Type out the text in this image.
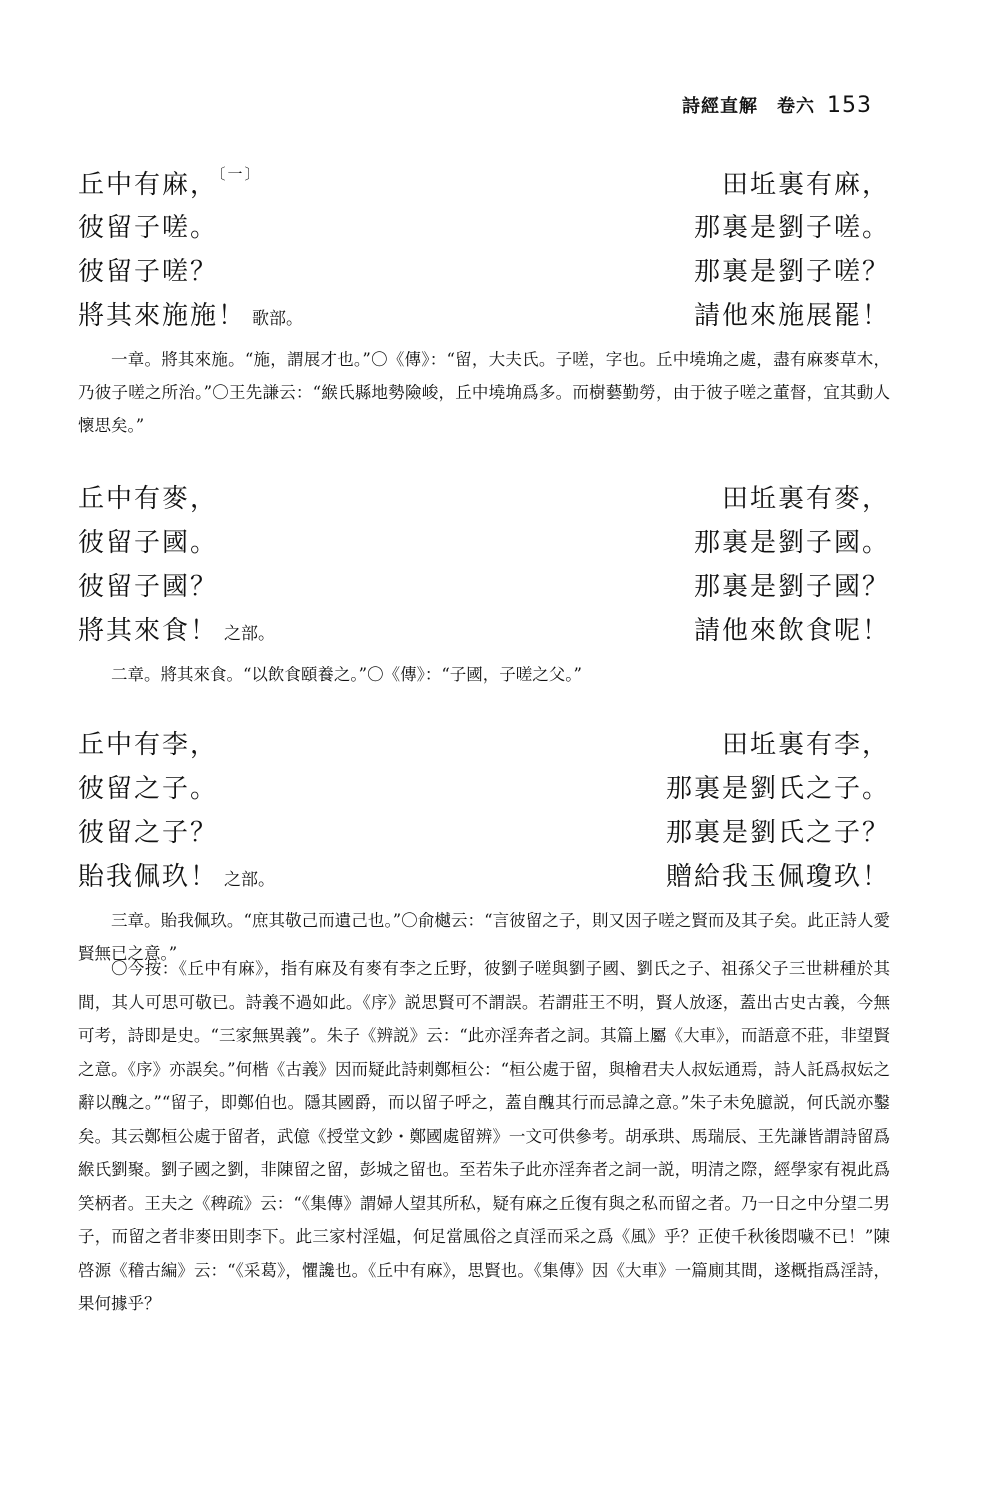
詩經直解　卷六 153
丘中有麻，$^{〔一〕}$	田坵裏有麻，
彼留子嗟。	那裏是劉子嗟。
彼留子嗟？	那裏是劉子嗟？
將其來施施！ 歌部。	請他來施展罷！
一章。將其來施。“施，謂展才也。”〇《傳》：“留，大夫氏。子嗟，字也。丘中墝埆之處，盡有麻麥草木，乃彼子嗟之所治。”〇王先謙云：“緱氏縣地勢險峻，丘中墝埆爲多。而樹藝勤勞，由于彼子嗟之董督，宜其動人懷思矣。”
丘中有麥，	田坵裏有麥，
彼留子國。	那裏是劉子國。
彼留子國？	那裏是劉子國？
將其來食！ 之部。	請他來飲食呢！
二章。將其來食。“以飲食頤養之。”〇《傳》：“子國，子嗟之父。”
丘中有李，	田坵裏有李，
彼留之子。	那裏是劉氏之子。
彼留之子？	那裏是劉氏之子？
貽我佩玖！ 之部。	贈給我玉佩瓊玖！
三章。貽我佩玖。“庶其敬己而遺己也。”〇俞樾云：“言彼留之子，則又因子嗟之賢而及其子矣。此正詩人愛賢無已之意。”
〇今按：《丘中有麻》，指有麻及有麥有李之丘野，彼劉子嗟與劉子國、劉氏之子、祖孫父子三世耕種於其間，其人可思可敬已。詩義不過如此。《序》説思賢可不謂誤。若謂莊王不明，賢人放逐，蓋出古史古義，今無可考，詩即是史。“三家無異義”。朱子《辨説》云：“此亦淫奔者之詞。其篇上屬《大車》，而語意不莊，非望賢之意。《序》亦誤矣。”何楷《古義》因而疑此詩刺鄭桓公：“桓公處于留，與檜君夫人叔妘通焉，詩人託爲叔妘之辭以醜之。”“留子，即鄭伯也。隱其國爵，而以留子呼之，蓋自醜其行而忌諱之意。”朱子未免臆説，何氏説亦鑿矣。其云鄭桓公處于留者，武億《授堂文鈔・鄭國處留辨》一文可供參考。胡承珙、馬瑞辰、王先謙皆謂詩留爲緱氏劉聚。劉子國之劉，非陳留之留，彭城之留也。至若朱子此亦淫奔者之詞一説，明清之際，經學家有視此爲笑柄者。王夫之《稗疏》云：“《集傳》謂婦人望其所私，疑有麻之丘復有與之私而留之者。乃一日之中分望二男子，而留之者非麥田則李下。此三家村淫媪，何足當風俗之貞淫而采之爲《風》乎？正使千秋後悶噦不已！”陳啓源《稽古編》云：“《采葛》，懼讒也。《丘中有麻》，思賢也。《集傳》因《大車》一篇廁其間，遂概指爲淫詩，果何據乎？
